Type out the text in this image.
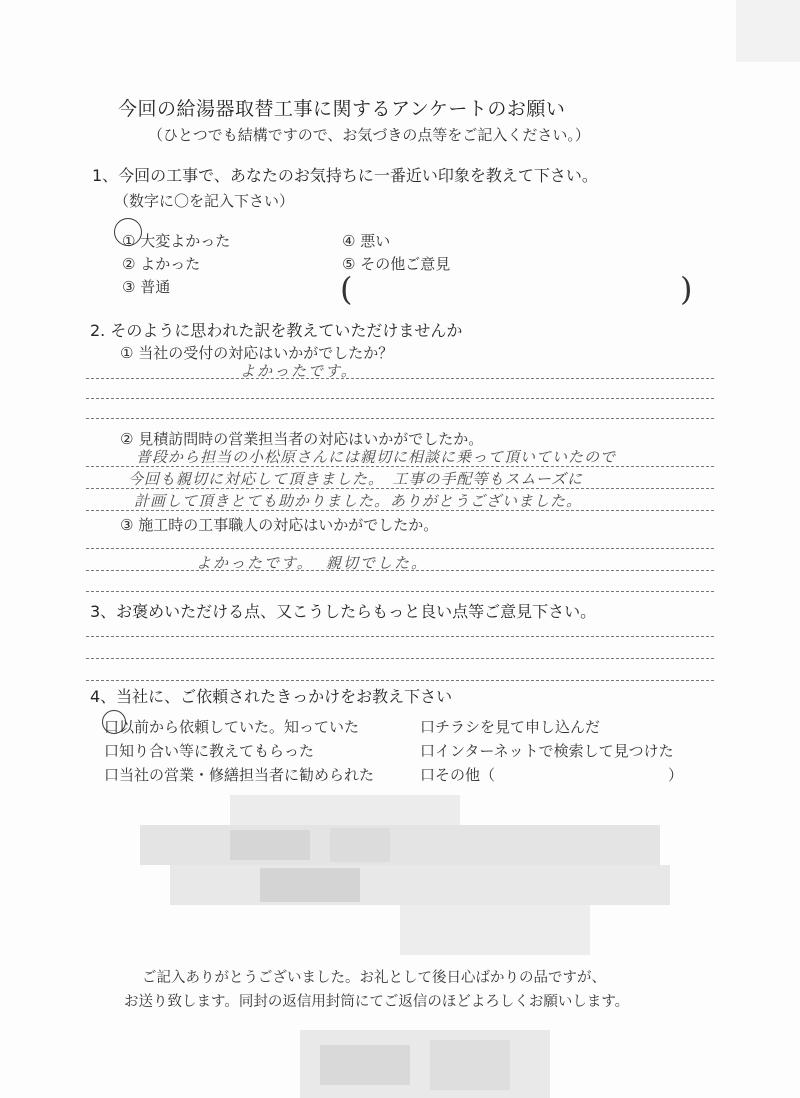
今回の給湯器取替工事に関するアンケートのお願い
（ひとつでも結構ですので、お気づきの点等をご記入ください。）
1、今回の工事で、あなたのお気持ちに一番近い印象を教えて下さい。
（数字に〇を記入下さい）
① 大変よかった
② よかった
③ 普通
④ 悪い
⑤ その他ご意見
(	)
2. そのように思われた訳を教えていただけませんか
① 当社の受付の対応はいかがでしたか？
よかったです。
② 見積訪問時の営業担当者の対応はいかがでしたか。
普段から担当の小松原さんには親切に相談に乗って頂いていたので
今回も親切に対応して頂きました。　工事の手配等もスムーズに
計画して頂きとても助かりました。ありがとうございました。
③ 施工時の工事職人の対応はいかがでしたか。
よかったです。 親切でした。
3、お褒めいただける点、又こうしたらもっと良い点等ご意見下さい。
4、当社に、ご依頼されたきっかけをお教え下さい
口以前から依頼していた。知っていた
口知り合い等に教えてもらった
口当社の営業・修繕担当者に勧められた
口チラシを見て申し込んだ
口インターネットで検索して見つけた
口その他（	）
ご記入ありがとうございました。お礼として後日心ばかりの品ですが、
お送り致します。同封の返信用封筒にてご返信のほどよろしくお願いします。
